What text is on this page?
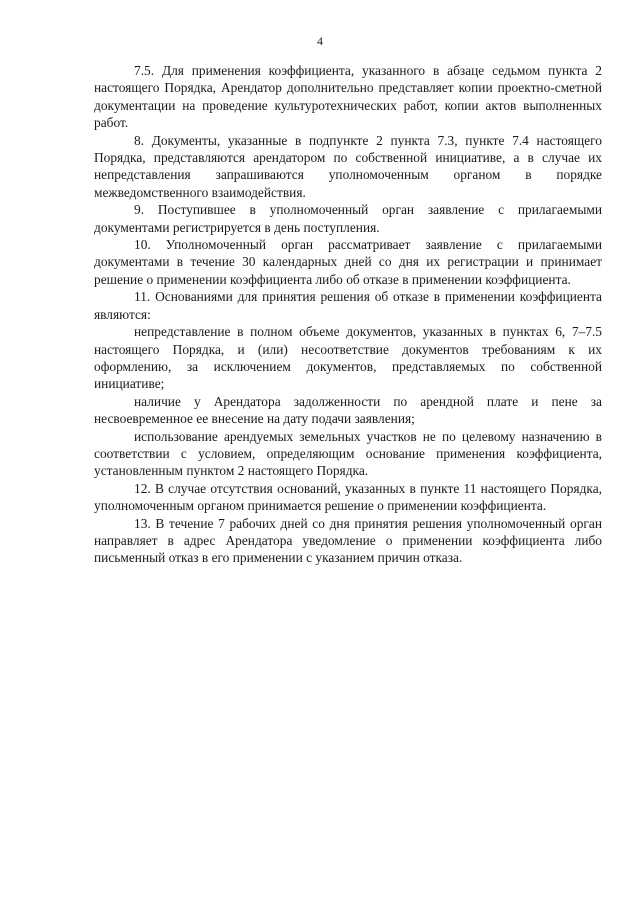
4

7.5. Для применения коэффициента, указанного в абзаце седьмом пункта 2 настоящего Порядка, Арендатор дополнительно представляет копии проектно-сметной документации на проведение культуротехнических работ, копии актов выполненных работ.

8. Документы, указанные в подпункте 2 пункта 7.3, пункте 7.4 настоящего Порядка, представляются арендатором по собственной инициативе, а в случае их непредставления запрашиваются уполномоченным органом в порядке межведомственного взаимодействия.

9. Поступившее в уполномоченный орган заявление с прилагаемыми документами регистрируется в день поступления.

10. Уполномоченный орган рассматривает заявление с прилагаемыми документами в течение 30 календарных дней со дня их регистрации и принимает решение о применении коэффициента либо об отказе в применении коэффициента.

11. Основаниями для принятия решения об отказе в применении коэффициента являются:

непредставление в полном объеме документов, указанных в пунктах 6, 7–7.5 настоящего Порядка, и (или) несоответствие документов требованиям к их оформлению, за исключением документов, представляемых по собственной инициативе;

наличие у Арендатора задолженности по арендной плате и пене за несвоевременное ее внесение на дату подачи заявления;

использование арендуемых земельных участков не по целевому назначению в соответствии с условием, определяющим основание применения коэффициента, установленным пунктом 2 настоящего Порядка.

12. В случае отсутствия оснований, указанных в пункте 11 настоящего Порядка, уполномоченным органом принимается решение о применении коэффициента.

13. В течение 7 рабочих дней со дня принятия решения уполномоченный орган направляет в адрес Арендатора уведомление о применении коэффициента либо письменный отказ в его применении с указанием причин отказа.
